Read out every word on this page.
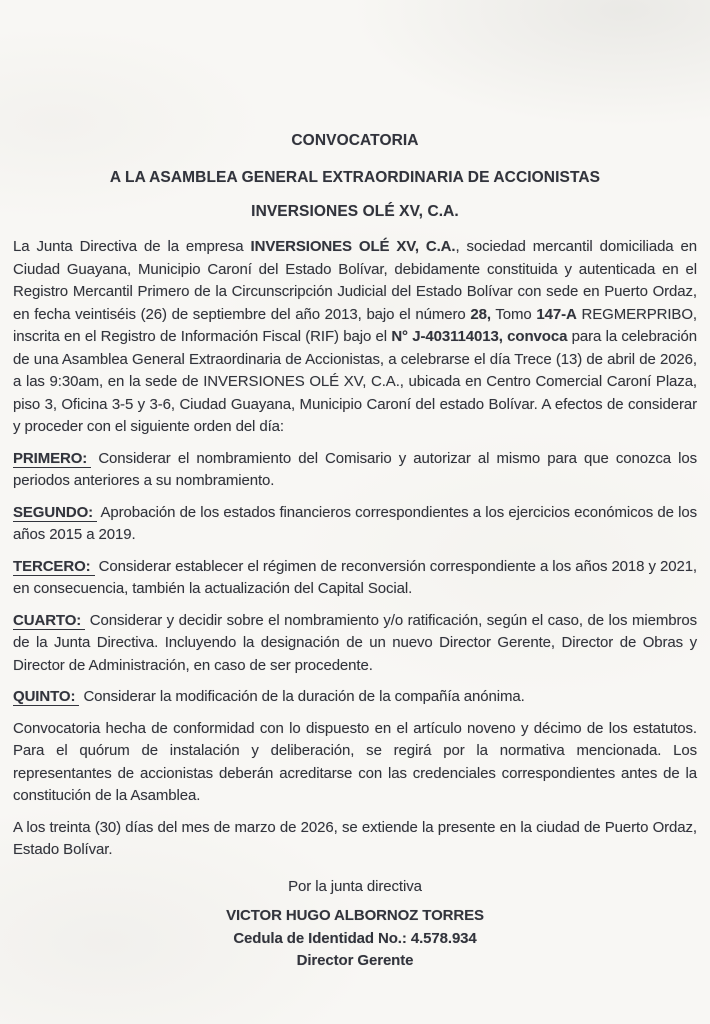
CONVOCATORIA

A LA ASAMBLEA GENERAL EXTRAORDINARIA DE ACCIONISTAS

INVERSIONES OLÉ XV, C.A.

La Junta Directiva de la empresa INVERSIONES OLÉ XV, C.A., sociedad mercantil domiciliada en Ciudad Guayana, Municipio Caroní del Estado Bolívar, debidamente constituida y autenticada en el Registro Mercantil Primero de la Circunscripción Judicial del Estado Bolívar con sede en Puerto Ordaz, en fecha veintiséis (26) de septiembre del año 2013, bajo el número 28, Tomo 147-A REGMERPRIBO, inscrita en el Registro de Información Fiscal (RIF) bajo el N° J-403114013, convoca para la celebración de una Asamblea General Extraordinaria de Accionistas, a celebrarse el día Trece (13) de abril de 2026, a las 9:30am, en la sede de INVERSIONES OLÉ XV, C.A., ubicada en Centro Comercial Caroní Plaza, piso 3, Oficina 3-5 y 3-6, Ciudad Guayana, Municipio Caroní del estado Bolívar. A efectos de considerar y proceder con el siguiente orden del día:

PRIMERO: Considerar el nombramiento del Comisario y autorizar al mismo para que conozca los periodos anteriores a su nombramiento.

SEGUNDO: Aprobación de los estados financieros correspondientes a los ejercicios económicos de los años 2015 a 2019.

TERCERO: Considerar establecer el régimen de reconversión correspondiente a los años 2018 y 2021, en consecuencia, también la actualización del Capital Social.

CUARTO: Considerar y decidir sobre el nombramiento y/o ratificación, según el caso, de los miembros de la Junta Directiva. Incluyendo la designación de un nuevo Director Gerente, Director de Obras y Director de Administración, en caso de ser procedente.

QUINTO: Considerar la modificación de la duración de la compañía anónima.

Convocatoria hecha de conformidad con lo dispuesto en el artículo noveno y décimo de los estatutos. Para el quórum de instalación y deliberación, se regirá por la normativa mencionada. Los representantes de accionistas deberán acreditarse con las credenciales correspondientes antes de la constitución de la Asamblea.

A los treinta (30) días del mes de marzo de 2026, se extiende la presente en la ciudad de Puerto Ordaz, Estado Bolívar.

Por la junta directiva

VICTOR HUGO ALBORNOZ TORRES

Cedula de Identidad No.: 4.578.934

Director Gerente
